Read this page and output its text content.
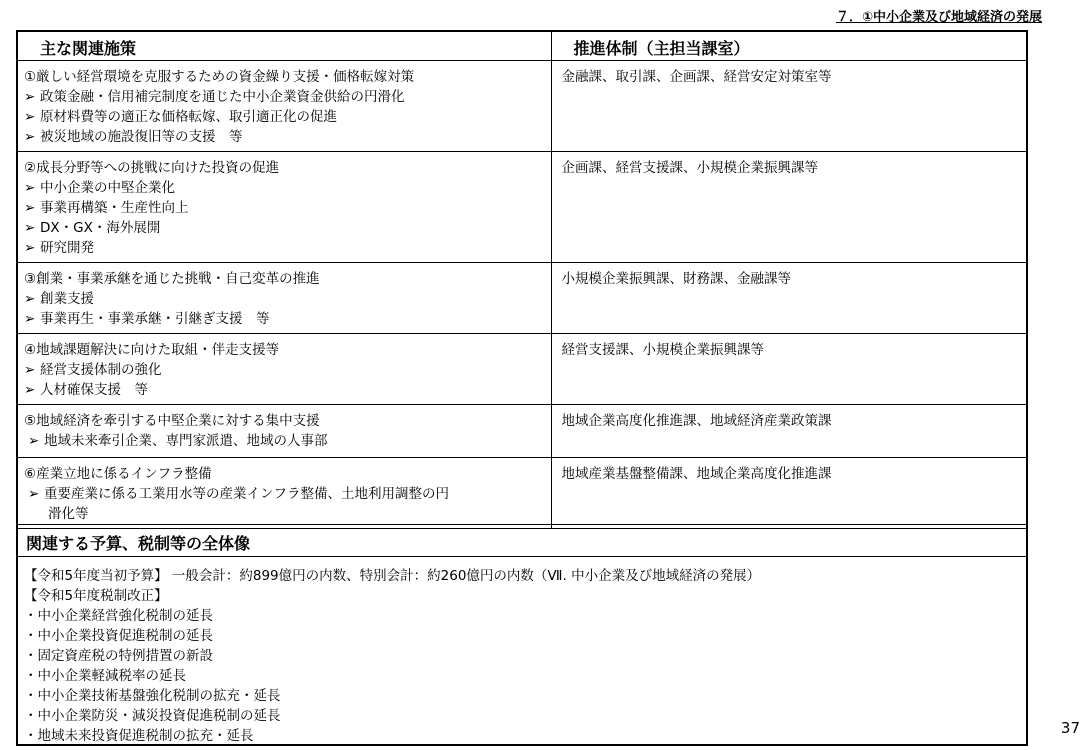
７．①中小企業及び地域経済の発展
主な関連施策	推進体制（主担当課室）

①厳しい経営環境を克服するための資金繰り支援・価格転嫁対策
➢ 政策金融・信用補完制度を通じた中小企業資金供給の円滑化
➢ 原材料費等の適正な価格転嫁、取引適正化の促進
➢ 被災地域の施設復旧等の支援　等	金融課、取引課、企画課、経営安定対策室等

②成長分野等への挑戦に向けた投資の促進
➢ 中小企業の中堅企業化
➢ 事業再構築・生産性向上
➢ DX・GX・海外展開
➢ 研究開発	企画課、経営支援課、小規模企業振興課等

③創業・事業承継を通じた挑戦・自己変革の推進
➢ 創業支援
➢ 事業再生・事業承継・引継ぎ支援　等	小規模企業振興課、財務課、金融課等

④地域課題解決に向けた取組・伴走支援等
➢ 経営支援体制の強化
➢ 人材確保支援　等	経営支援課、小規模企業振興課等

⑤地域経済を牽引する中堅企業に対する集中支援
➢ 地域未来牽引企業、専門家派遣、地域の人事部	地域企業高度化推進課、地域経済産業政策課

⑥産業立地に係るインフラ整備
➢ 重要産業に係る工業用水等の産業インフラ整備、土地利用調整の円
滑化等	地域産業基盤整備課、地域企業高度化推進課
関連する予算、税制等の全体像
【令和5年度当初予算】 一般会計：約899億円の内数、特別会計：約260億円の内数（Ⅶ. 中小企業及び地域経済の発展）
【令和5年度税制改正】
・中小企業経営強化税制の延長
・中小企業投資促進税制の延長
・固定資産税の特例措置の新設
・中小企業軽減税率の延長
・中小企業技術基盤強化税制の拡充・延長
・中小企業防災・減災投資促進税制の延長
・地域未来投資促進税制の拡充・延長	37
